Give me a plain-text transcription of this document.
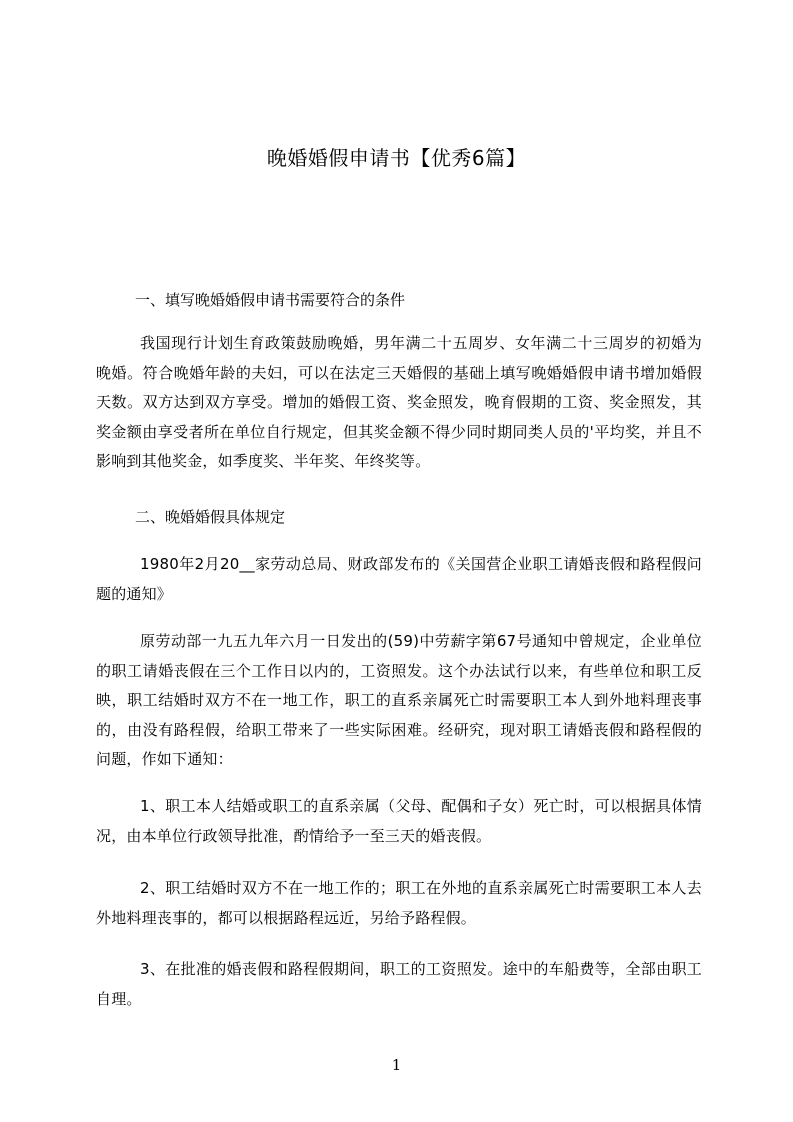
晚婚婚假申请书【优秀6篇】
一、填写晚婚婚假申请书需要符合的条件

我国现行计划生育政策鼓励晚婚，男年满二十五周岁、女年满二十三周岁的初婚为晚婚。符合晚婚年龄的夫妇，可以在法定三天婚假的基础上填写晚婚婚假申请书增加婚假天数。双方达到双方享受。增加的婚假工资、奖金照发，晚育假期的工资、奖金照发，其奖金额由享受者所在单位自行规定，但其奖金额不得少同时期同类人员的'平均奖，并且不影响到其他奖金，如季度奖、半年奖、年终奖等。

二、晚婚婚假具体规定

1980年2月20__家劳动总局、财政部发布的《关国营企业职工请婚丧假和路程假问题的通知》

原劳动部一九五九年六月一日发出的(59)中劳薪字第67号通知中曾规定，企业单位的职工请婚丧假在三个工作日以内的，工资照发。这个办法试行以来，有些单位和职工反映，职工结婚时双方不在一地工作，职工的直系亲属死亡时需要职工本人到外地料理丧事的，由没有路程假，给职工带来了一些实际困难。经研究，现对职工请婚丧假和路程假的问题，作如下通知：

1、职工本人结婚或职工的直系亲属（父母、配偶和子女）死亡时，可以根据具体情况，由本单位行政领导批准，酌情给予一至三天的婚丧假。

2、职工结婚时双方不在一地工作的；职工在外地的直系亲属死亡时需要职工本人去外地料理丧事的，都可以根据路程远近，另给予路程假。

3、在批准的婚丧假和路程假期间，职工的工资照发。途中的车船费等，全部由职工自理。

1
